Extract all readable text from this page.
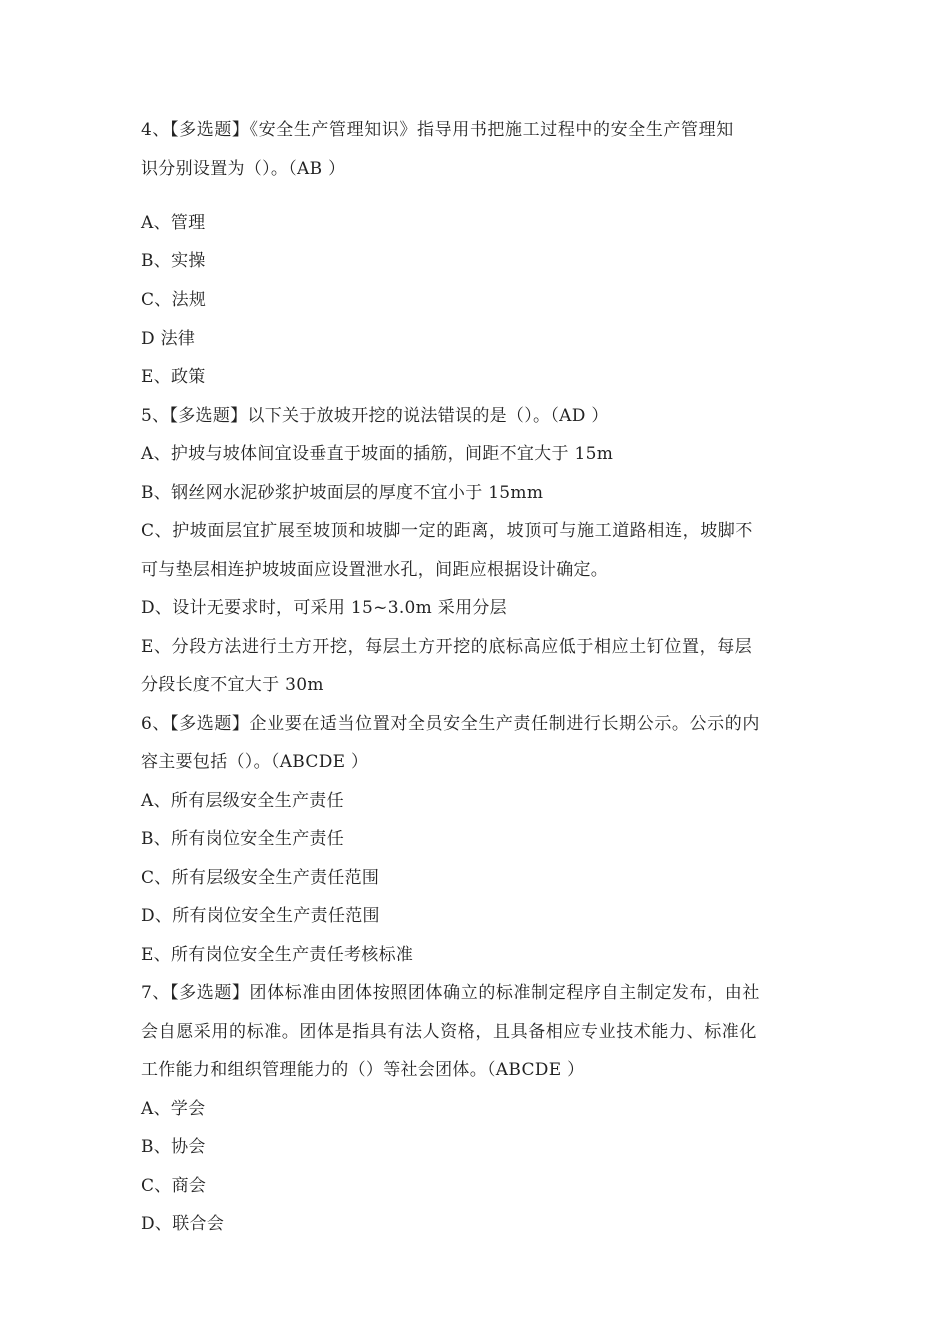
4、【多选题】《安全生产管理知识》指导用书把施工过程中的安全生产管理知
识分别设置为（）。（AB ）
A、管理
B、实操
C、法规
D 法律
E、政策
5、【多选题】以下关于放坡开挖的说法错误的是（）。（AD ）
A、护坡与坡体间宜设垂直于坡面的插筋，间距不宜大于 15m
B、钢丝网水泥砂浆护坡面层的厚度不宜小于 15mm
C、护坡面层宜扩展至坡顶和坡脚一定的距离，坡顶可与施工道路相连，坡脚不
可与垫层相连护坡坡面应设置泄水孔，间距应根据设计确定。
D、设计无要求时，可采用 15~3.0m 采用分层
E、分段方法进行土方开挖，每层土方开挖的底标高应低于相应土钉位置，每层
分段长度不宜大于 30m
6、【多选题】企业要在适当位置对全员安全生产责任制进行长期公示。公示的内
容主要包括（）。（ABCDE ）
A、所有层级安全生产责任
B、所有岗位安全生产责任
C、所有层级安全生产责任范围
D、所有岗位安全生产责任范围
E、所有岗位安全生产责任考核标准
7、【多选题】团体标准由团体按照团体确立的标准制定程序自主制定发布，由社
会自愿采用的标准。团体是指具有法人资格，且具备相应专业技术能力、标准化
工作能力和组织管理能力的（）等社会团体。（ABCDE ）
A、学会
B、协会
C、商会
D、联合会
